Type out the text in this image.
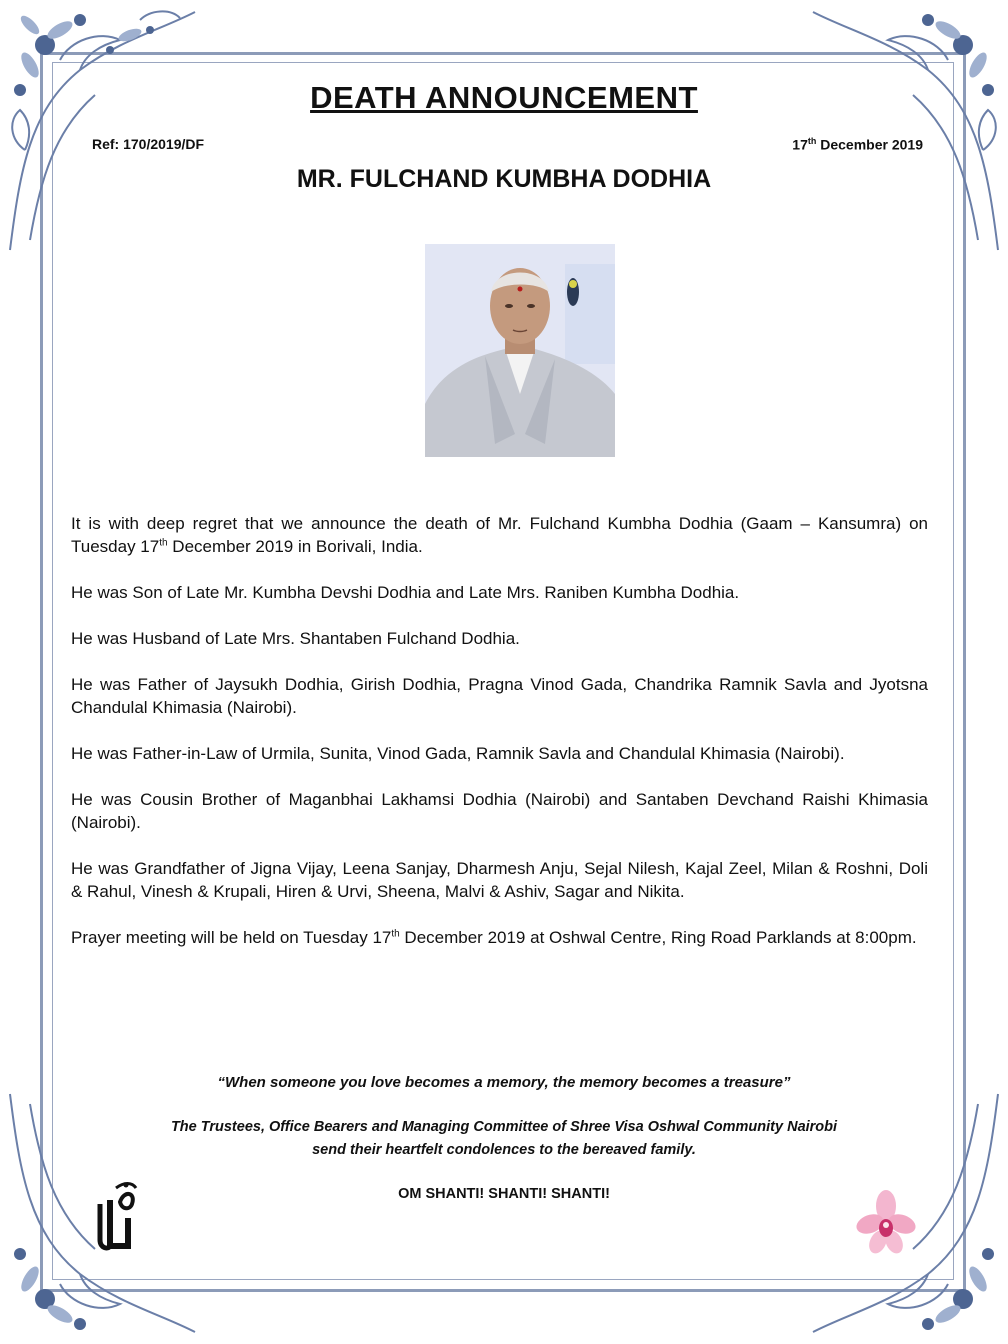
DEATH ANNOUNCEMENT
Ref: 170/2019/DF	17th December 2019
MR. FULCHAND KUMBHA DODHIA

It is with deep regret that we announce the death of Mr. Fulchand Kumbha Dodhia (Gaam – Kansumra) on Tuesday 17th December 2019 in Borivali, India.

He was Son of Late Mr. Kumbha Devshi Dodhia and Late Mrs. Raniben Kumbha Dodhia.

He was Husband of Late Mrs. Shantaben Fulchand Dodhia.

He was Father of Jaysukh Dodhia, Girish Dodhia, Pragna Vinod Gada, Chandrika Ramnik Savla and Jyotsna Chandulal Khimasia (Nairobi).

He was Father-in-Law of Urmila, Sunita, Vinod Gada, Ramnik Savla and Chandulal Khimasia (Nairobi).

He was Cousin Brother of Maganbhai Lakhamsi Dodhia (Nairobi) and Santaben Devchand Raishi Khimasia (Nairobi).

He was Grandfather of Jigna Vijay, Leena Sanjay, Dharmesh Anju, Sejal Nilesh, Kajal Zeel, Milan & Roshni, Doli & Rahul, Vinesh & Krupali, Hiren & Urvi, Sheena, Malvi & Ashiv, Sagar and Nikita.

Prayer meeting will be held on Tuesday 17th December 2019 at Oshwal Centre, Ring Road Parklands at 8:00pm.

“When someone you love becomes a memory, the memory becomes a treasure”
The Trustees, Office Bearers and Managing Committee of Shree Visa Oshwal Community Nairobi
send their heartfelt condolences to the bereaved family.
OM SHANTI! SHANTI! SHANTI!
